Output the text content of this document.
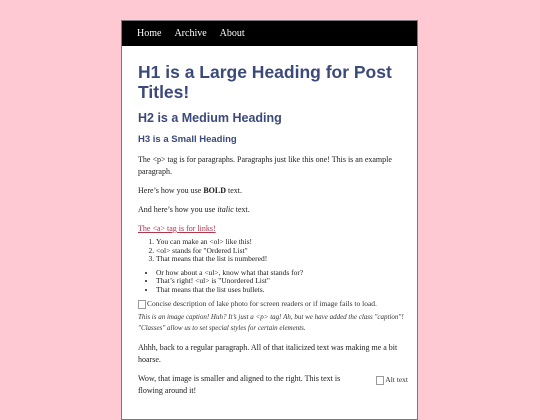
Home Archive About
H1 is a Large Heading for Post Titles!
H2 is a Medium Heading
H3 is a Small Heading

The <p> tag is for paragraphs. Paragraphs just like this one! This is an example paragraph.

Here’s how you use BOLD text.

And here’s how you use italic text.

The <a> tag is for links!

1. You can make an <ol> like this!
2. <ol> stands for "Ordered List"
3. That means that the list is numbered!
• Or how about a <ul>, know what that stands for?
• That’s right! <ul> is "Unordered List"
• That means that the list uses bullets.
Concise description of lake photo for screen readers or if image fails to load.

This is an image caption! Huh? It’s just a <p> tag! Ah, but we have added the class "caption"! "Classes" allow us to set special styles for certain elements.

Ahhh, back to a regular paragraph. All of that italicized text was making me a bit hoarse.

Alt text

Wow, that image is smaller and aligned to the right. This text is flowing around it!
